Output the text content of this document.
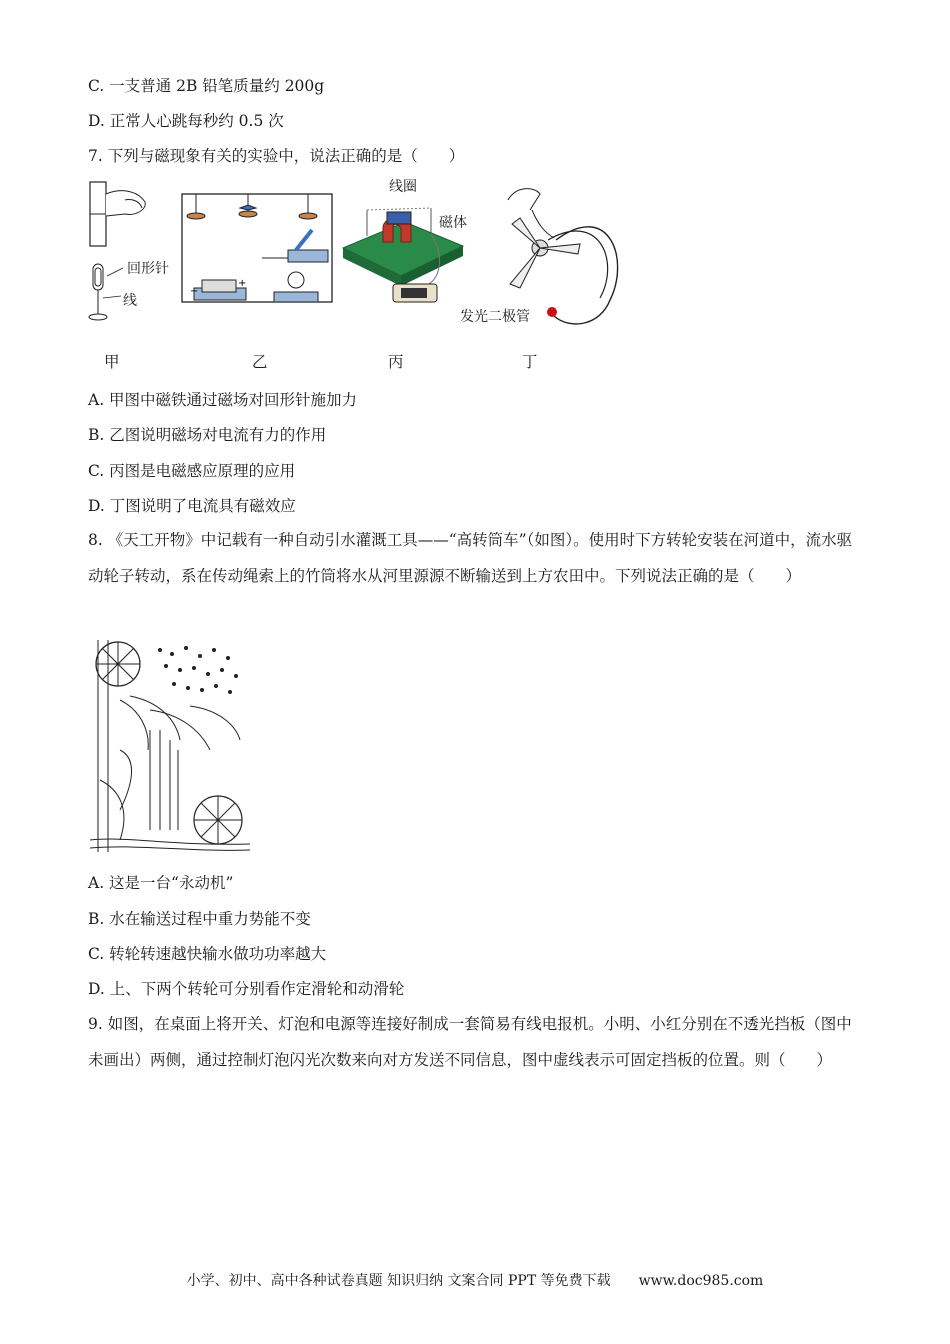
C. 一支普通 2B 铅笔质量约 200g
D. 正常人心跳每秒约 0.5 次
7. 下列与磁现象有关的实验中，说法正确的是（　　）
回形针
线
−
+
线圈
磁体
发光二极管
甲	乙	丙	丁
A. 甲图中磁铁通过磁场对回形针施加力
B. 乙图说明磁场对电流有力的作用
C. 丙图是电磁感应原理的应用
D. 丁图说明了电流具有磁效应
8. 《天工开物》中记载有一种自动引水灌溉工具——“高转筒车”（如图）。使用时下方转轮安装在河道中，流水驱动轮子转动，系在传动绳索上的竹筒将水从河里源源不断输送到上方农田中。下列说法正确的是（　　）
A. 这是一台“永动机”
B. 水在输送过程中重力势能不变
C. 转轮转速越快输水做功功率越大
D. 上、下两个转轮可分别看作定滑轮和动滑轮
9. 如图，在桌面上将开关、灯泡和电源等连接好制成一套简易有线电报机。小明、小红分别在不透光挡板（图中未画出）两侧，通过控制灯泡闪光次数来向对方发送不同信息，图中虚线表示可固定挡板的位置。则（　　）
小学、初中、高中各种试卷真题 知识归纳 文案合同 PPT 等免费下载　　www.doc985.com
